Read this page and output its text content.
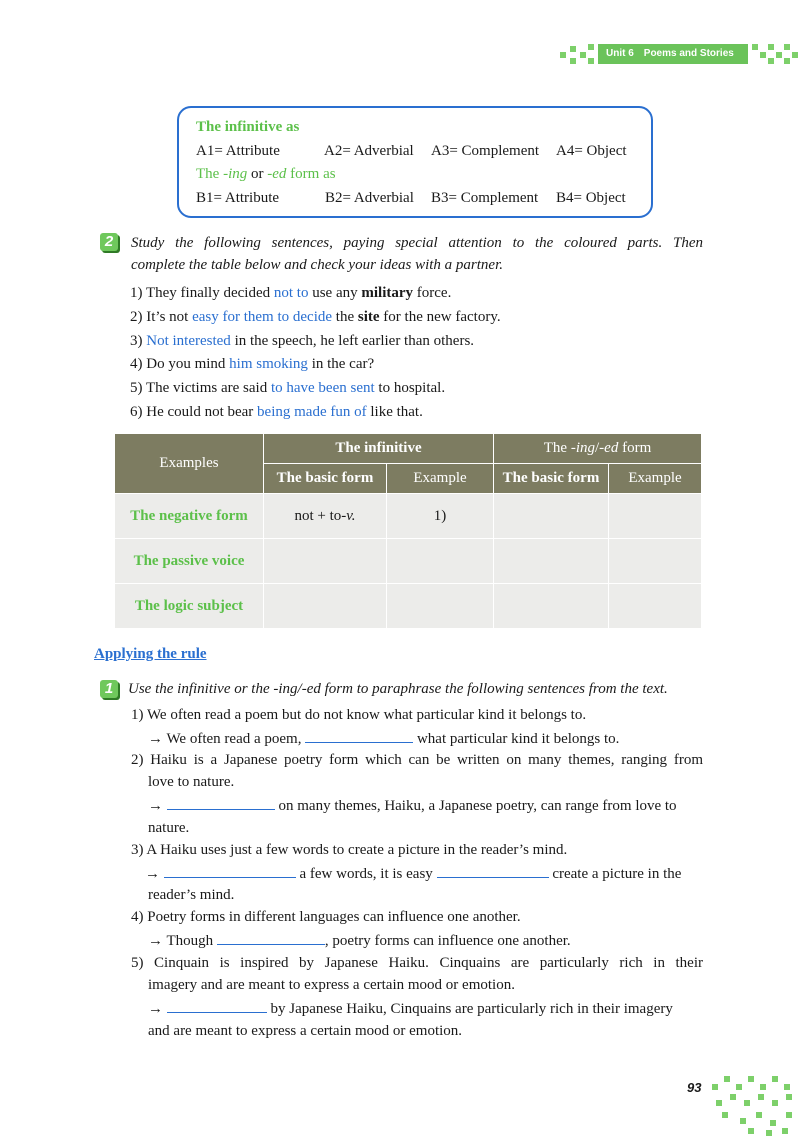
Unit 6 Poems and Stories
The infinitive as
A1= Attribute	A2= Adverbial A3= Complement A4= Object
The -ing or -ed form as
B1= Attribute	B2= Adverbial B3= Complement B4= Object
2	Study the following sentences, paying special attention to the coloured parts. Then
complete the table below and check your ideas with a partner.
1) They finally decided not to use any military force.
2) It’s not easy for them to decide the site for the new factory.
3) Not interested in the speech, he left earlier than others.
4) Do you mind him smoking in the car?
5) The victims are said to have been sent to hospital.
6) He could not bear being made fun of like that.
Examples	The infinitive		The -ing/-ed form	
	The basic form	Example	The basic form	Example
The negative form	not + to-v.	1)		
The passive voice				
The logic subject				
Applying the rule
1 Use the infinitive or the -ing/-ed form to paraphrase the following sentences from the text.
1) We often read a poem but do not know what particular kind it belongs to.
→ We often read a poem,	what particular kind it belongs to.
2) Haiku is a Japanese poetry form which can be written on many themes, ranging from
love to nature.
→	on many themes, Haiku, a Japanese poetry, can range from love to
nature.
3) A Haiku uses just a few words to create a picture in the reader’s mind.
→	a few words, it is easy	create a picture in the
reader’s mind.
4) Poetry forms in different languages can influence one another.
→ Though	, poetry forms can influence one another.
5) Cinquain is inspired by Japanese Haiku. Cinquains are particularly rich in their
imagery and are meant to express a certain mood or emotion.
→	by Japanese Haiku, Cinquains are particularly rich in their imagery
and are meant to express a certain mood or emotion.
93
